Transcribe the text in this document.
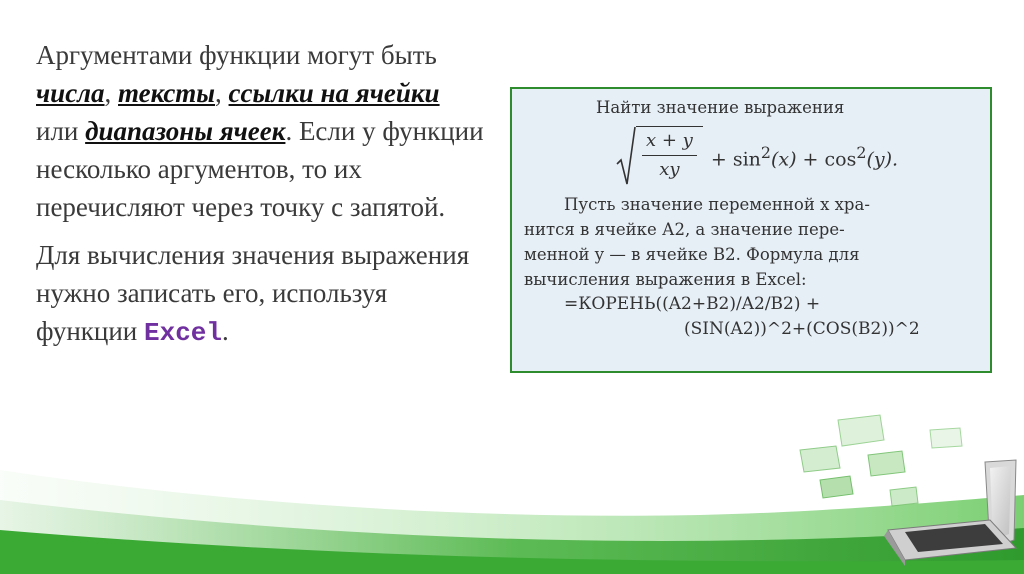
Аргументами функции могут быть числа, тексты, ссылки на ячейки или диапазоны ячеек. Если у функции несколько аргументов, то их перечисляют через точку с запятой.

Для вычисления значения выражения нужно записать его, используя функции Excel.

Найти значение выражения
$\frac{x + y}{xy} + \sin^2(x) + \cos^2(y)$.
Пусть значение переменной x хра-
нится в ячейке А2, а значение пере-
менной y — в ячейке В2. Формула для
вычисления выражения в Excel:
=КОРЕНЬ((A2+B2)/A2/B2) +
(SIN(A2))^2+(COS(B2))^2
